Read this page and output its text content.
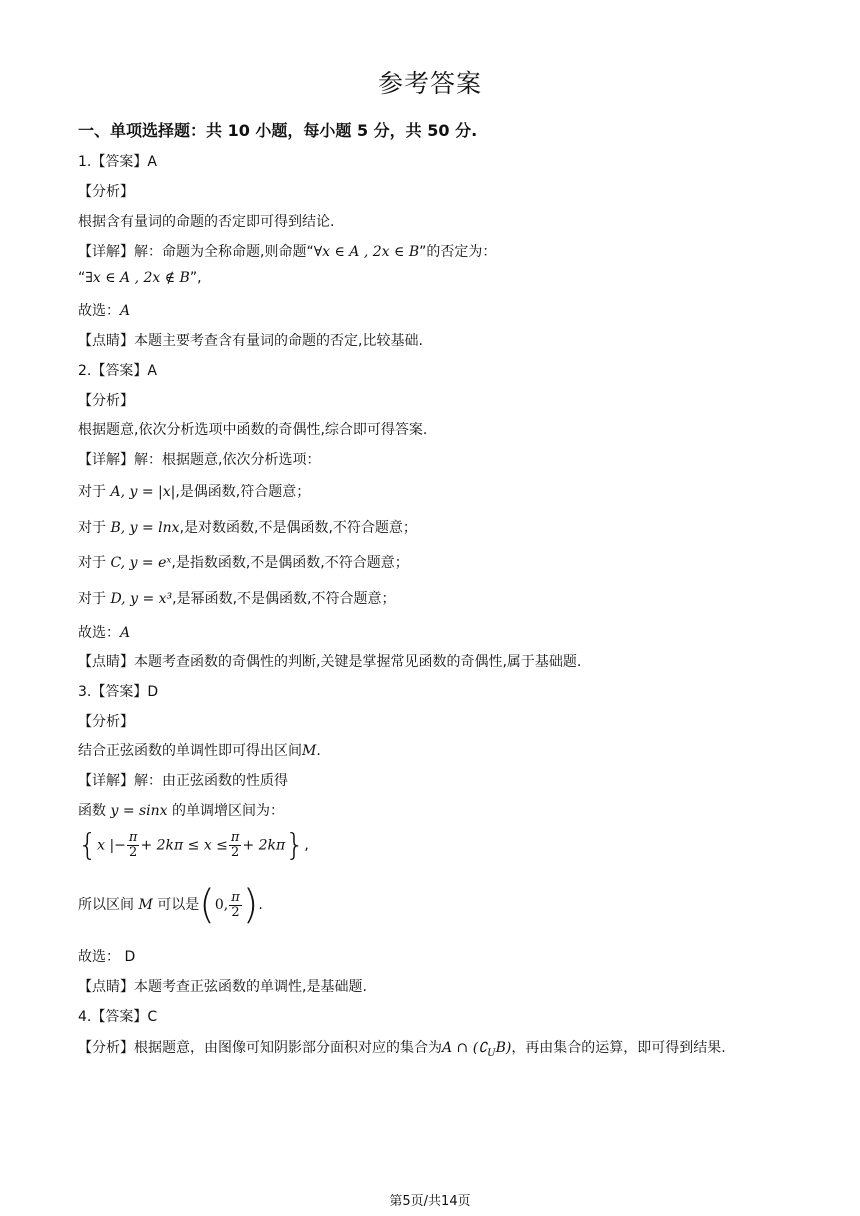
参考答案
一、单项选择题：共 10 小题，每小题 5 分，共 50 分.
1.【答案】A
【分析】
根据含有量词的命题的否定即可得到结论.
【详解】解：命题为全称命题,则命题“∀x ∈ A , 2x ∈ B”的否定为：
“∃x ∈ A , 2x ∉ B”,
故选：A
【点睛】本题主要考查含有量词的命题的否定,比较基础.
2.【答案】A
【分析】
根据题意,依次分析选项中函数的奇偶性,综合即可得答案.
【详解】解：根据题意,依次分析选项：
对于 A, y = |x|,是偶函数,符合题意；
对于 B, y = lnx,是对数函数,不是偶函数,不符合题意；
对于 C, y = eˣ,是指数函数,不是偶函数,不符合题意；
对于 D, y = x³,是幂函数,不是偶函数,不符合题意；
故选：A
【点睛】本题考查函数的奇偶性的判断,关键是掌握常见函数的奇偶性,属于基础题.
3.【答案】D
【分析】
结合正弦函数的单调性即可得出区间M.
【详解】解：由正弦函数的性质得
函数 y = sinx 的单调增区间为：
{x |− $\frac{\pi}{2} + 2k\pi \le x \le \frac{\pi}{2} + 2k\pi$},
所以区间 M 可以是(0, $\frac{\pi}{2}$ ).
故选： D
【点睛】本题考查正弦函数的单调性,是基础题.
4.【答案】C
【分析】根据题意，由图像可知阴影部分面积对应的集合为A ∩ $(∁_UB)$，再由集合的运算，即可得到结果.
第5页/共14页
